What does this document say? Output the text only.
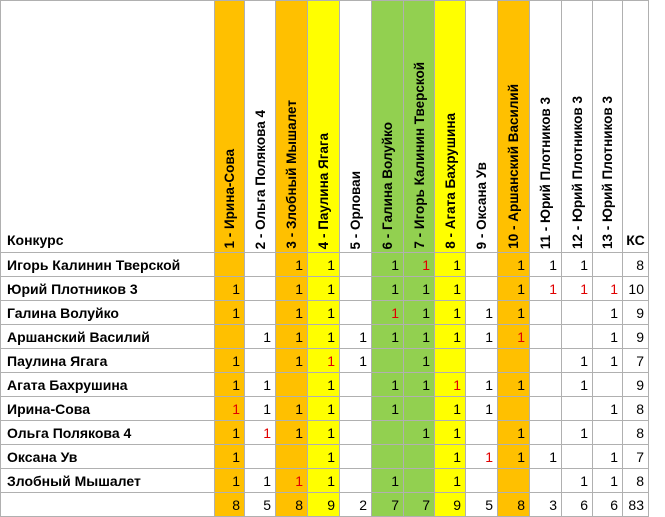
Конкурс	1 - Ирина-Сова	2 - Ольга Полякова 4	3 - Злобный Мышалет	4 - Паулина Ягага	5 - Орловаи	6 - Галина Волуйко	7 - Игорь Калинин Тверской	8 - Агата Бахрушина	9 - Оксана Ув	10 - Аршанский Василий	11 - Юрий Плотников 3	12 - Юрий Плотников 3	13 - Юрий Плотников 3	КС
Игорь Калинин Тверской			1	1		1	1	1		1	1	1		8
Юрий Плотников 3	1		1	1		1	1	1		1	1	1	1	10
Галина Волуйко	1		1	1		1	1	1	1	1			1	9
Аршанский Василий		1	1	1	1	1	1	1	1	1			1	9
Паулина Ягага	1		1	1	1		1					1	1	7
Агата Бахрушина	1	1		1		1	1	1	1	1		1		9
Ирина-Сова	1	1	1	1		1		1	1				1	8
Ольга Полякова 4	1	1	1	1			1	1		1		1		8
Оксана Ув	1			1				1	1	1	1		1	7
Злобный Мышалет	1	1	1	1		1		1				1	1	8
	8	5	8	9	2	7	7	9	5	8	3	6	6	83
